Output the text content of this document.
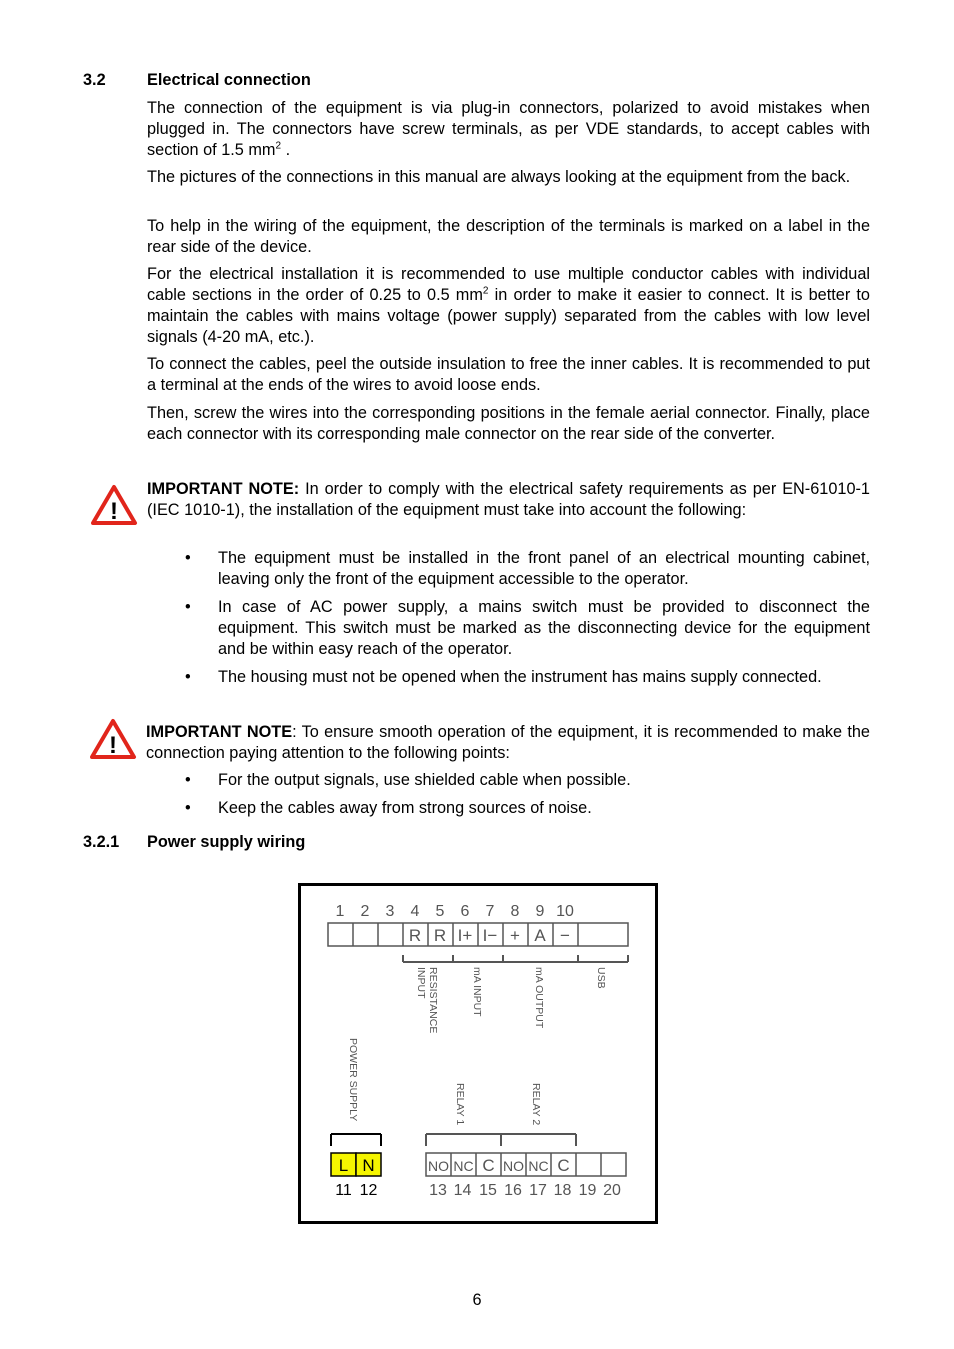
3.2	Electrical connection
The connection of the equipment is via plug-in connectors, polarized to avoid mistakes when plugged in. The connectors have screw terminals, as per VDE standards, to accept cables with section of 1.5 $mm^2$ .
The pictures of the connections in this manual are always looking at the equipment from the back.
To help in the wiring of the equipment, the description of the terminals is marked on a label in the rear side of the device.
For the electrical installation it is recommended to use multiple conductor cables with individual cable sections in the order of 0.25 to 0.5 $mm^2$ in order to make it easier to connect. It is better to maintain the cables with mains voltage (power supply) separated from the cables with low level signals (4-20 mA, etc.).
To connect the cables, peel the outside insulation to free the inner cables. It is recommended to put a terminal at the ends of the wires to avoid loose ends.
Then, screw the wires into the corresponding positions in the female aerial connector. Finally, place each connector with its corresponding male connector on the rear side of the converter.
!
IMPORTANT NOTE: In order to comply with the electrical safety requirements as per EN-61010-1 (IEC 1010-1), the installation of the equipment must take into account the following:
• The equipment must be installed in the front panel of an electrical mounting cabinet, leaving only the front of the equipment accessible to the operator.
• In case of AC power supply, a mains switch must be provided to disconnect the equipment. This switch must be marked as the disconnecting device for the equipment and be within easy reach of the operator.
• The housing must not be opened when the instrument has mains supply connected.
! IMPORTANT NOTE: To ensure smooth operation of the equipment, it is recommended to make the connection paying attention to the following points:
• For the output signals, use shielded cable when possible.
• Keep the cables away from strong sources of noise.
3.2.1 Power supply wiring
1 2 3 4 5 6 7 8 9 10
R R I+ I− + A −
RESISTANCE
INPUT	mA INPUT	mA OUTPUT	USB
POWER SUPPLY	RELAY 1	RELAY 2
L N	NO NC C NO NC C
11 12	13 14 15 16 17 18 19 20
6
